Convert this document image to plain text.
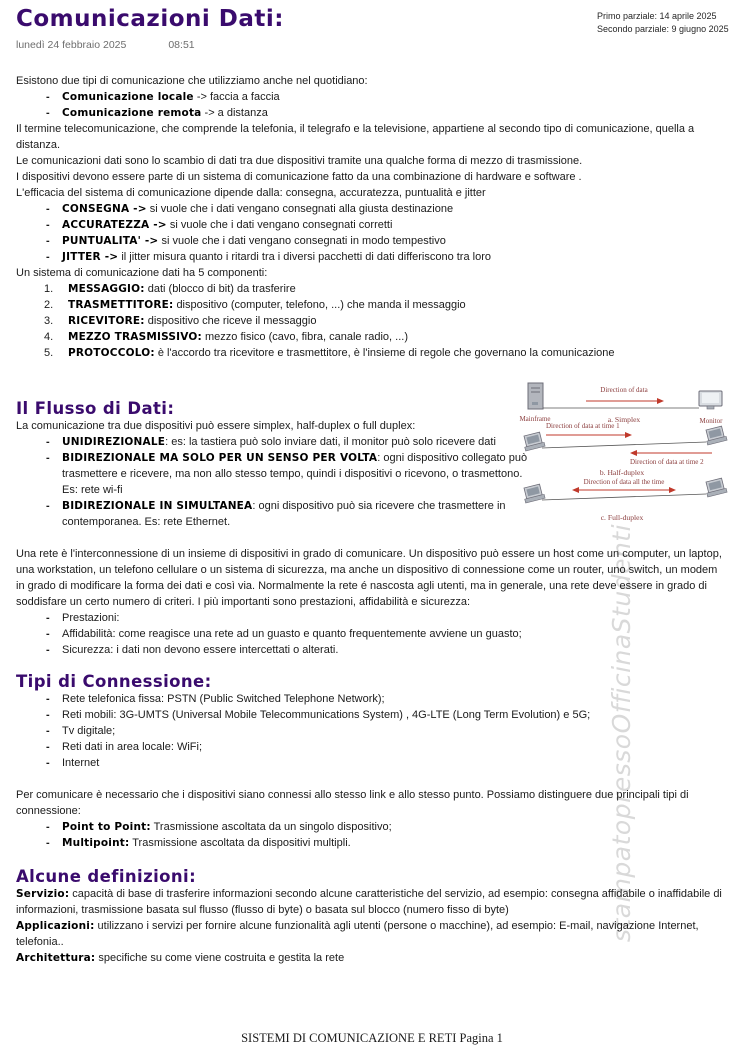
stampatopressoOfficinaStudenti
Primo parziale: 14 aprile 2025
Secondo parziale: 9 giugno 2025
Comunicazioni Dati:
lunedì 24 febbraio 2025	08:51

Esistono due tipi di comunicazione che utilizziamo anche nel quotidiano:

- Comunicazione locale -> faccia a faccia
- Comunicazione remota -> a distanza

Il termine telecomunicazione, che comprende la telefonia, il telegrafo e la televisione, appartiene al secondo tipo di comunicazione, quella a distanza.

Le comunicazioni dati sono lo scambio di dati tra due dispositivi tramite una qualche forma di mezzo di trasmissione.

I dispositivi devono essere parte di un sistema di comunicazione fatto da una combinazione di hardware e software .

L'efficacia del sistema di comunicazione dipende dalla: consegna, accuratezza, puntualità e jitter

- CONSEGNA -> si vuole che i dati vengano consegnati alla giusta destinazione
- ACCURATEZZA -> si vuole che i dati vengano consegnati corretti
- PUNTUALITA' -> si vuole che i dati vengano consegnati in modo tempestivo
- JITTER -> il jitter misura quanto i ritardi tra i diversi pacchetti di dati differiscono tra loro

Un sistema di comunicazione dati ha 5 componenti:

MESSAGGIO: dati (blocco di bit) da trasferire
TRASMETTITORE: dispositivo (computer, telefono, ...) che manda il messaggio
RICEVITORE: dispositivo che riceve il messaggio
MEZZO TRASMISSIVO: mezzo fisico (cavo, fibra, canale radio, ...)
PROTOCCOLO: è l'accordo tra ricevitore e trasmettitore, è l'insieme di regole che governano la comunicazione
Direction of data
Mainframe	Monitor
a. Simplex
Direction of data at time 1
Direction of data at time 2
b. Half-duplex
Direction of data all the time
c. Full-duplex
Il Flusso di Dati:

La comunicazione tra due dispositivi può essere simplex, half-duplex o full duplex:

- UNIDIREZIONALE: es: la tastiera può solo inviare dati, il monitor può solo ricevere dati
- BIDIREZIONALE MA SOLO PER UN SENSO PER VOLTA: ogni dispositivo collegato può trasmettere e ricevere, ma non allo stesso tempo, quindi i dispositivi o ricevono, o trasmettono. Es: rete wi-fi
- BIDIREZIONALE IN SIMULTANEA: ogni dispositivo può sia ricevere che trasmettere in contemporanea. Es: rete Ethernet.

Una rete è l'interconnessione di un insieme di dispositivi in grado di comunicare. Un dispositivo può essere un host come un computer, un laptop, una workstation, un telefono cellulare o un sistema di sicurezza, ma anche un dispositivo di connessione come un router, uno switch, un modem in grado di modificare la forma dei dati e così via. Normalmente la rete é nascosta agli utenti, ma in generale, una rete deve essere in grado di soddisfare un certo numero di criteri. I più importanti sono prestazioni, affidabilità e sicurezza:

- Prestazioni:
- Affidabilità: come reagisce una rete ad un guasto e quanto frequentemente avviene un guasto;
- Sicurezza: i dati non devono essere intercettati o alterati.
Tipi di Connessione:
- Rete telefonica fissa: PSTN (Public Switched Telephone Network);
- Reti mobili: 3G-UMTS (Universal Mobile Telecommunications System) , 4G-LTE (Long Term Evolution) e 5G;
- Tv digitale;
- Reti dati in area locale: WiFi;
- Internet

Per comunicare è necessario che i dispositivi siano connessi allo stesso link e allo stesso punto. Possiamo distinguere due principali tipi di connessione:

- Point to Point: Trasmissione ascoltata da un singolo dispositivo;
- Multipoint: Trasmissione ascoltata da dispositivi multipli.
Alcune definizioni:

Servizio: capacità di base di trasferire informazioni secondo alcune caratteristiche del servizio, ad esempio: consegna affidabile o inaffidabile di informazioni, trasmissione basata sul flusso (flusso di byte) o basata sul blocco (numero fisso di byte)

Applicazioni: utilizzano i servizi per fornire alcune funzionalità agli utenti (persone o macchine), ad esempio: E-mail, navigazione Internet, telefonia..

Architettura: specifiche su come viene costruita e gestita la rete

SISTEMI DI COMUNICAZIONE E RETI Pagina 1
